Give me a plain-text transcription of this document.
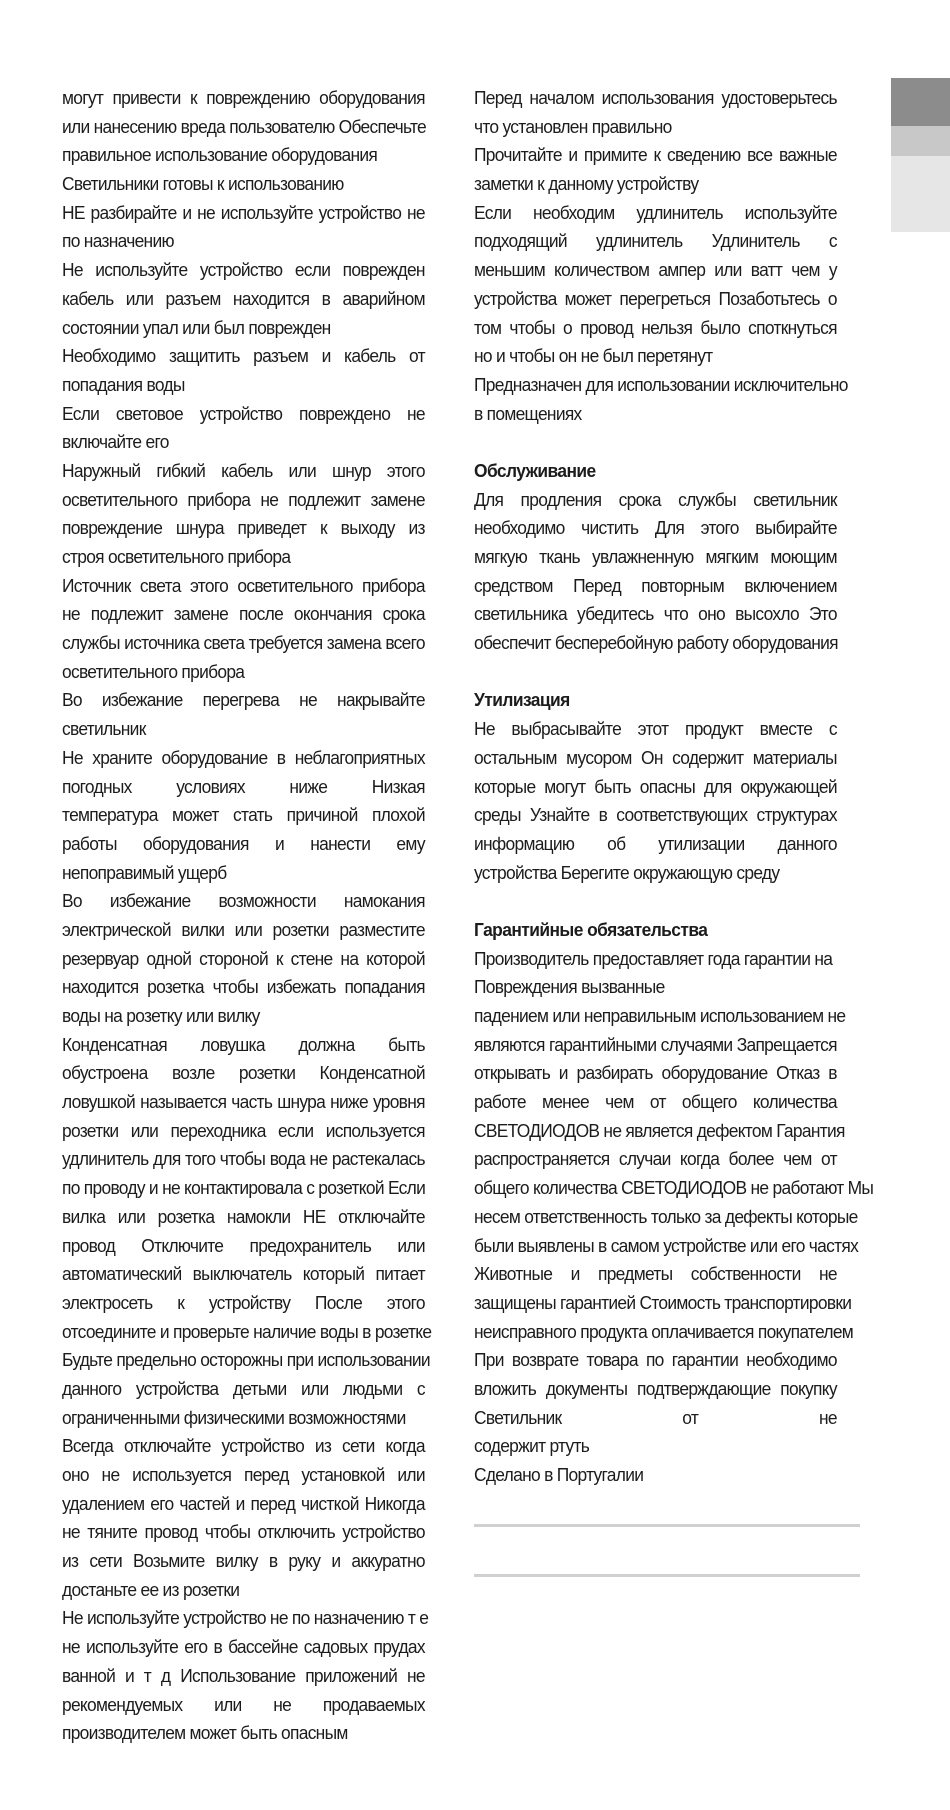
могут привести к повреждению оборудования
или нанесению вреда пользователю Обеспечьте
правильное использование оборудования
Светильники готовы к использованию
НЕ разбирайте и не используйте устройство не
по назначению
Не используйте устройство если поврежден
кабель или разъем находится в аварийном
состоянии упал или был поврежден
Необходимо защитить разъем и кабель от
попадания воды
Если световое устройство поврежденo не
включайте его
Наружный гибкий кабель или шнур этого
осветительного прибора не подлежит замене
повреждение шнура приведет к выходу из
строя осветительного прибора
Источник света этого осветительного прибора
не подлежит замене после окончания срока
службы источника света требуется замена всего
осветительного прибора
Во избежание перегрева не накрывайте
светильник
Не храните оборудование в неблагоприятных
погодных условиях ниже Низкая
температура может стать причиной плохой
работы оборудования и нанести ему
непоправимый ущерб
Во избежание возможности намокания
электрической вилки или розетки разместите
резервуар одной стороной к стене на которой
находится розетка чтобы избежать попадания
воды на розетку или вилку
Конденсатная ловушка должна быть
обустроена возле розетки Конденсатной
ловушкой называется часть шнура ниже уровня
розетки или переходника если используется
удлинитель для того чтобы вода не растекалась
по проводу и не контактировала с розеткой Если
вилка или розетка намокли НЕ отключайте
провод Отключите предохранитель или
автоматический выключатель который питает
электросеть к устройству После этого
отсоедините и проверьте наличие воды в розетке
Будьте предельно осторожны при использовании
данного устройства детьми или людьми с
ограниченными физическими возможностями
Всегда отключайте устройство из сети когда
оно не используется перед установкой или
удалением его частей и перед чисткой Никогда
не тяните провод чтобы отключить устройство
из сети Возьмите вилку в руку и аккуратно
достаньте ее из розетки
Не используйте устройство не по назначению т е
не используйте его в бассейне садовых прудах
ванной и т д Использование приложений не
рекомендуемых или не продаваемых
производителем может быть опасным
Перед началом использования удостоверьтесь
что установлен правильно
Прочитайте и примите к сведению все важные
заметки к данному устройству
Если необходим удлинитель используйте
подходящий удлинитель Удлинитель с
меньшим количеством ампер или ватт чем у
устройства может перегреться Позаботьтесь о
том чтобы о провод нельзя было споткнуться
но и чтобы он не был перетянут
Предназначен для использовании исключительно
в помещениях
Обслуживание
Для продления срока службы светильник
необходимо чистить Для этого выбирайте
мягкую ткань увлажненную мягким моющим
средством Перед повторным включением
светильника убедитесь что оно высохло Это
обеспечит бесперебойную работу оборудования
Утилизация
Не выбрасывайте этот продукт вместе с
остальным мусором Он содержит материалы
которые могут быть опасны для окружающей
среды Узнайте в соответствующих структурах
информацию об утилизации данного
устройства Берегите окружающую среду
Гарантийные обязательства
Производитель предоставляет года гарантии на
Повреждения вызванные
падением или неправильным использованием не
являются гарантийными случаями Запрещается
открывать и разбирать оборудование Отказ в
работе менее чем от общего количества
СВЕТОДИОДОВ не является дефектом Гарантия
распространяется случаи когда более чем от
общего количества СВЕТОДИОДОВ не работают Мы
несем ответственность только за дефекты которые
были выявлены в самом устройстве или его частях
Животные и предметы собственности не
защищены гарантией Стоимость транспортировки
неисправного продукта оплачивается покупателем
При возврате товара по гарантии необходимо
вложить документы подтверждающие покупку
Светильник от не
содержит ртуть
Сделано в Португалии
